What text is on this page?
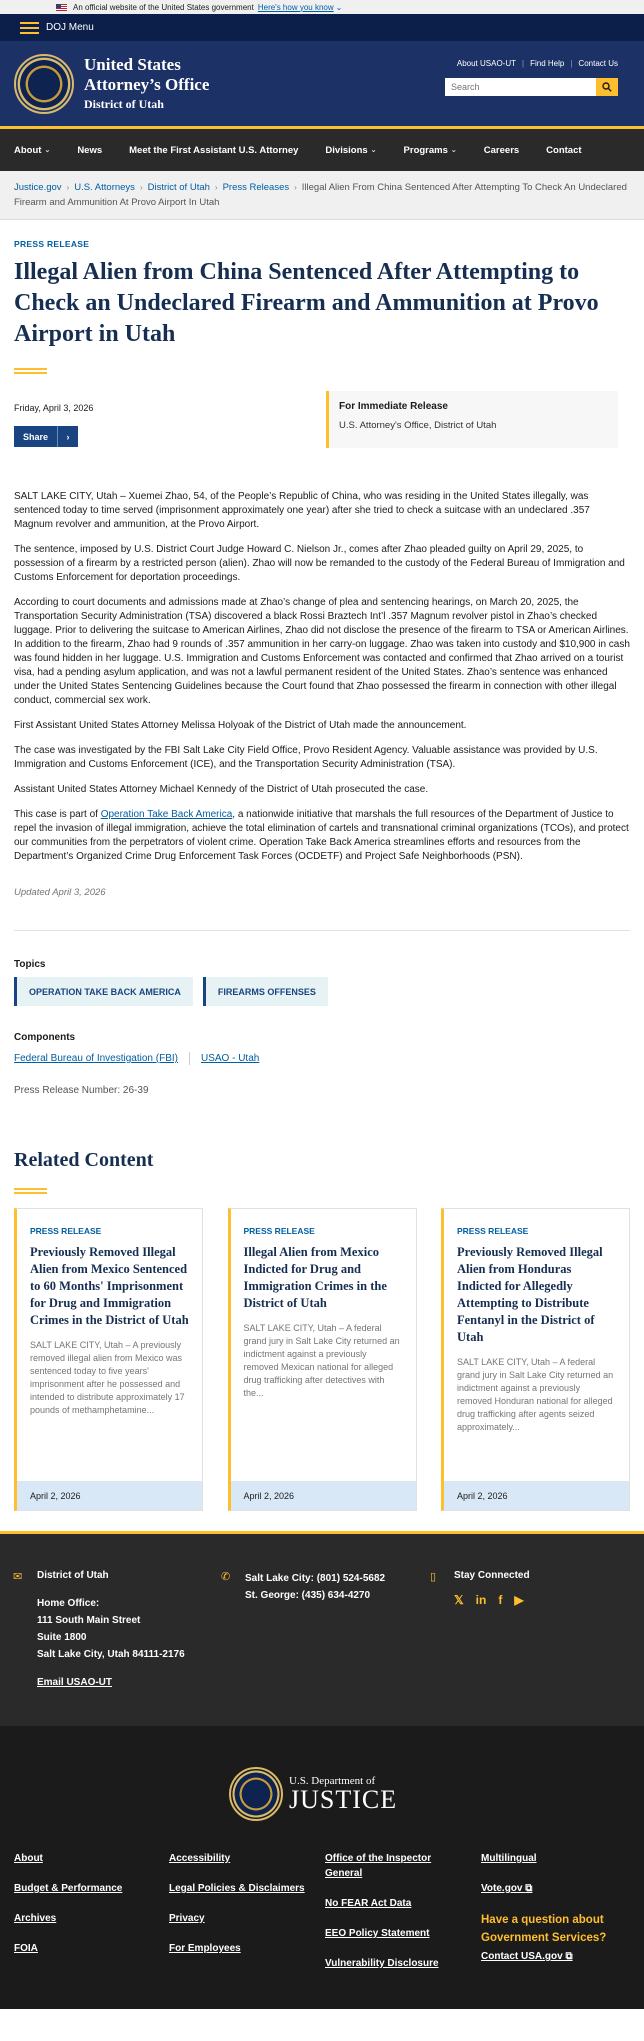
An official website of the United States government Here's how you know ⌄
DOJ Menu
United States
Attorney’s Office
District of Utah
About USAO-UT | Find Help | Contact Us
Search
About ⌄	News	Meet the First Assistant U.S. Attorney	Divisions ⌄	Programs ⌄	Careers	Contact
Justice.gov › U.S. Attorneys › District of Utah › Press Releases › Illegal Alien From China Sentenced After Attempting To Check An Undeclared Firearm and Ammunition At Provo Airport In Utah
PRESS RELEASE
Illegal Alien from China Sentenced After Attempting to Check an Undeclared Firearm and Ammunition at Provo Airport in Utah
Friday, April 3, 2026
Share	›
For Immediate Release
U.S. Attorney's Office, District of Utah

SALT LAKE CITY, Utah – Xuemei Zhao, 54, of the People’s Republic of China, who was residing in the United States illegally, was sentenced today to time served (imprisonment approximately one year) after she tried to check a suitcase with an undeclared .357 Magnum revolver and ammunition, at the Provo Airport.

The sentence, imposed by U.S. District Court Judge Howard C. Nielson Jr., comes after Zhao pleaded guilty on April 29, 2025, to possession of a firearm by a restricted person (alien). Zhao will now be remanded to the custody of the Federal Bureau of Immigration and Customs Enforcement for deportation proceedings.

According to court documents and admissions made at Zhao’s change of plea and sentencing hearings, on March 20, 2025, the Transportation Security Administration (TSA) discovered a black Rossi Braztech Int’l .357 Magnum revolver pistol in Zhao’s checked luggage. Prior to delivering the suitcase to American Airlines, Zhao did not disclose the presence of the firearm to TSA or American Airlines. In addition to the firearm, Zhao had 9 rounds of .357 ammunition in her carry-on luggage. Zhao was taken into custody and $10,900 in cash was found hidden in her luggage. U.S. Immigration and Customs Enforcement was contacted and confirmed that Zhao arrived on a tourist visa, had a pending asylum application, and was not a lawful permanent resident of the United States. Zhao’s sentence was enhanced under the United States Sentencing Guidelines because the Court found that Zhao possessed the firearm in connection with other illegal conduct, commercial sex work.

First Assistant United States Attorney Melissa Holyoak of the District of Utah made the announcement.

The case was investigated by the FBI Salt Lake City Field Office, Provo Resident Agency. Valuable assistance was provided by U.S. Immigration and Customs Enforcement (ICE), and the Transportation Security Administration (TSA).

Assistant United States Attorney Michael Kennedy of the District of Utah prosecuted the case.

This case is part of Operation Take Back America, a nationwide initiative that marshals the full resources of the Department of Justice to repel the invasion of illegal immigration, achieve the total elimination of cartels and transnational criminal organizations (TCOs), and protect our communities from the perpetrators of violent crime. Operation Take Back America streamlines efforts and resources from the Department’s Organized Crime Drug Enforcement Task Forces (OCDETF) and Project Safe Neighborhoods (PSN).

Updated April 3, 2026
Topics
OPERATION TAKE BACK AMERICA	FIREARMS OFFENSES
Components
Federal Bureau of Investigation (FBI) USAO - Utah
Press Release Number: 26-39
Related Content
PRESS RELEASE
Previously Removed Illegal Alien from Mexico Sentenced to 60 Months' Imprisonment for Drug and Immigration Crimes in the District of Utah
SALT LAKE CITY, Utah – A previously removed illegal alien from Mexico was sentenced today to five years' imprisonment after he possessed and intended to distribute approximately 17 pounds of methamphetamine...
April 2, 2026
PRESS RELEASE
Illegal Alien from Mexico Indicted for Drug and Immigration Crimes in the District of Utah
SALT LAKE CITY, Utah – A federal grand jury in Salt Lake City returned an indictment against a previously removed Mexican national for alleged drug trafficking after detectives with the...
April 2, 2026
PRESS RELEASE
Previously Removed Illegal Alien from Honduras Indicted for Allegedly Attempting to Distribute Fentanyl in the District of Utah
SALT LAKE CITY, Utah – A federal grand jury in Salt Lake City returned an indictment against a previously removed Honduran national for alleged drug trafficking after agents seized approximately...
April 2, 2026
✉ District of Utah
Home Office:
111 South Main Street
Suite 1800
Salt Lake City, Utah 84111-2176
Email USAO-UT
✆ Salt Lake City: (801) 524-5682
St. George: (435) 634-4270
▯ Stay Connected
𝕏 in f ▶
U.S. Department of
JUSTICE
About
Budget & Performance
Archives
FOIA
Accessibility
Legal Policies & Disclaimers
Privacy
For Employees
Office of the Inspector General
No FEAR Act Data
EEO Policy Statement
Vulnerability Disclosure
Multilingual
Vote.gov ⧉
Have a question about Government Services?
Contact USA.gov ⧉
